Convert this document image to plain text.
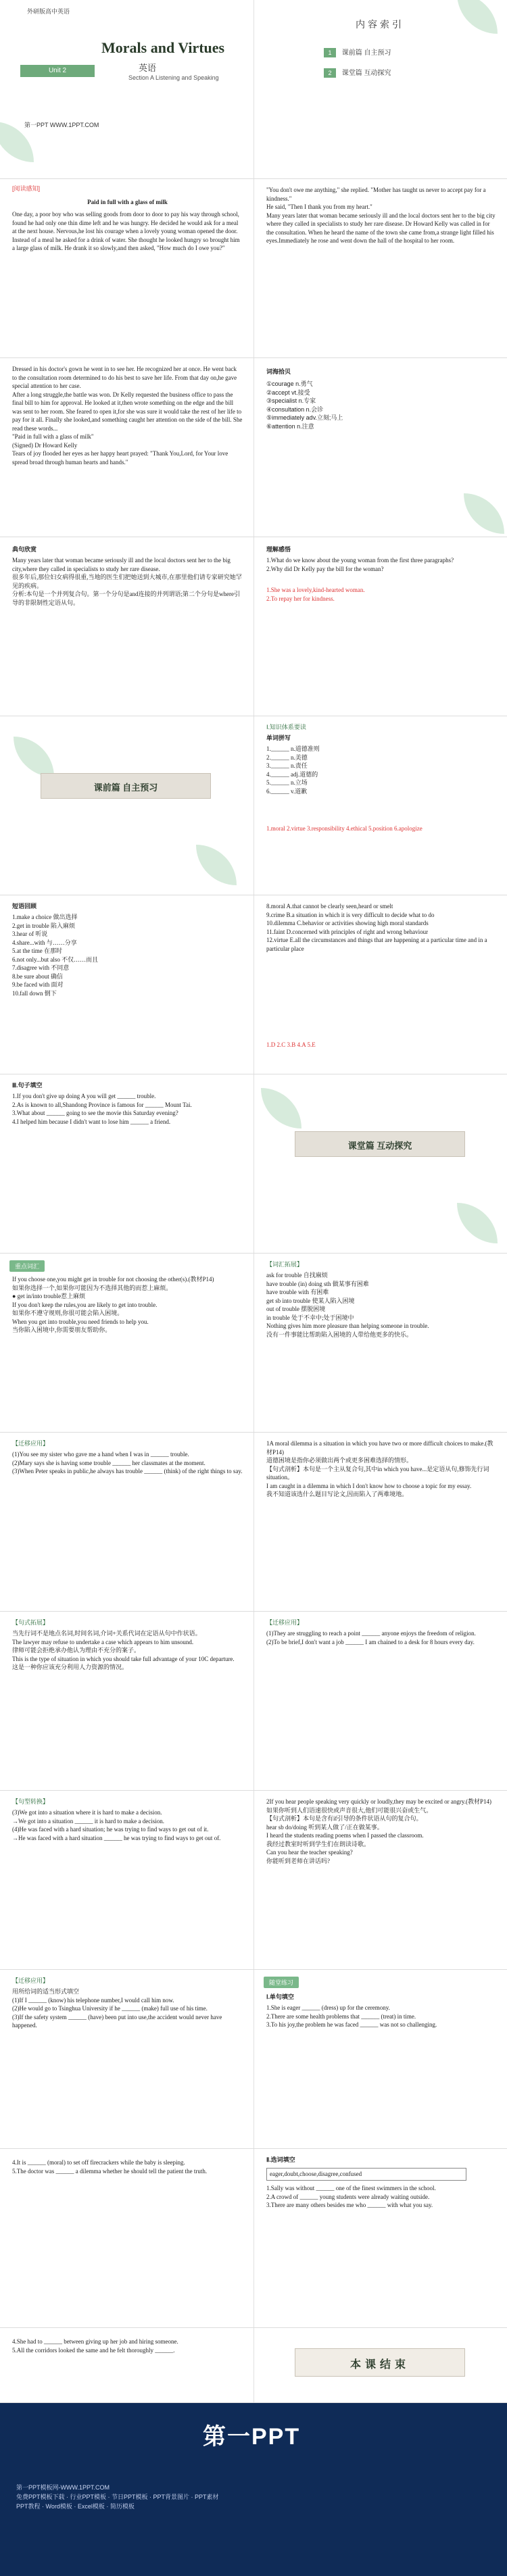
外研版高中英语
Morals and Virtues
Unit 2	英语
Section A Listening and Speaking
第一PPT WWW.1PPT.COM
内容索引
1 课前篇 自主预习
2 课堂篇 互动探究
[阅读感知]
Paid in full with a glass of milk
One day, a poor boy who was selling goods from door to door to pay his way through school, found he had only one thin dime left and he was hungry. He decided he would ask for a meal at the next house. Nervous,he lost his courage when a lovely young woman opened the door.
Instead of a meal he asked for a drink of water. She thought he looked hungry so brought him a large glass of milk. He drank it so slowly,and then asked, "How much do I owe you?"
"You don't owe me anything," she replied. "Mother has taught us never to accept pay for a kindness."
He said, "Then I thank you from my heart."
Many years later that woman became seriously ill and the local doctors sent her to the big city where they called in specialists to study her rare disease. Dr Howard Kelly was called in for the consultation. When he heard the name of the town she came from,a strange light filled his eyes.Immediately he rose and went down the hall of the hospital to her room.
Dressed in his doctor's gown he went in to see her. He recognized her at once. He went back to the consultation room determined to do his best to save her life. From that day on,he gave special attention to her case.
After a long struggle,the battle was won. Dr Kelly requested the business office to pass the final bill to him for approval. He looked at it,then wrote something on the edge and the bill was sent to her room. She feared to open it,for she was sure it would take the rest of her life to pay for it all. Finally she looked,and something caught her attention on the side of the bill. She read these words...
"Paid in full with a glass of milk"
(Signed) Dr Howard Kelly
Tears of joy flooded her eyes as her happy heart prayed: "Thank You,Lord, for Your love spread broad through human hearts and hands."
词海拾贝
①courage n.勇气
②accept vt.接受
③specialist n.专家
④consultation n.会诊
⑤immediately adv.立刻;马上
⑥attention n.注意
典句欣赏
Many years later that woman became seriously ill and the local doctors sent her to the big city,where they called in specialists to study her rare disease.
很多年后,那位妇女病得很重,当地的医生们把她送到大城市,在那里他们请专家研究她罕见的疾病。
分析:本句是一个并列复合句。第一个分句是and连接的并列谓语;第二个分句是where引导的非限制性定语从句。
理解感悟
1.What do we know about the young woman from the first three paragraphs?
2.Why did Dr Kelly pay the bill for the woman?
1.She was a lovely,kind-hearted woman.
2.To repay her for kindness.
课前篇 自主预习
Ⅰ.知识体系要读
单词拼写
1.______ n.道德准则
2.______ n.美德
3.______ n.责任
4.______ adj.道德的
5.______ n.立场
6.______ v.道歉
1.moral 2.virtue 3.responsibility 4.ethical 5.position 6.apologize
短语回顾
1.make a choice 做出选择
2.get in trouble 陷入麻烦
3.hear of 听说
4.share...with 与……分享
5.at the time 在那时
6.not only...but also 不仅……而且
7.disagree with 不同意
8.be sure about 确信
9.be faced with 面对
10.fall down 倒下
8.moral A.that cannot be clearly seen,heard or smelt
9.crime B.a situation in which it is very difficult to decide what to do
10.dilemma C.behavior or activities showing high moral standards
11.faint D.concerned with principles of right and wrong behaviour
12.virtue E.all the circumstances and things that are happening at a particular time and in a particular place
1.D 2.C 3.B 4.A 5.E
Ⅲ.句子填空
1.If you don't give up doing A you will get ______ trouble.
2.As is known to all,Shandong Province is famous for ______ Mount Tai.
3.What about ______ going to see the movie this Saturday evening?
4.I helped him because I didn't want to lose him ______ a friend.
课堂篇 互动探究
重点词汇
If you choose one,you might get in trouble for not choosing the other(s).(教材P14)
如果你选择一个,如果你可能因为不选择其他的而惹上麻烦。
● get in/into trouble惹上麻烦
If you don't keep the rules,you are likely to get into trouble.
如果你不遵守规则,你很可能会陷入困境。
When you get into trouble,you need friends to help you.
当你陷入困境中,你需要朋友帮助你。
【词汇拓展】
ask for trouble 自找麻烦
have trouble (in) doing sth 做某事有困难
have trouble with 有困难
get sb into trouble 使某人陷入困境
out of trouble 摆脱困境
in trouble 处于不幸中;处于困境中
Nothing gives him more pleasure than helping someone in trouble.
没有一件事能比帮助陷入困境的人带给他更多的快乐。
【迁移应用】
(1)You see my sister who gave me a hand when I was in ______ trouble.
(2)Mary says she is having some trouble ______ her classmates at the moment.
(3)When Peter speaks in public,he always has trouble ______ (think) of the right things to say.
1A moral dilemma is a situation in which you have two or more difficult choices to make.(教材P14)
道德困境是指你必须做出两个或更多困难选择的情形。
【句式剖析】本句是一个主从复合句,其中in which you have...是定语从句,修饰先行词situation。
I am caught in a dilemma in which I don't know how to choose a topic for my essay.
我不知道该选什么题目写论文,因而陷入了两难境地。
【句式拓展】
当先行词不是地点名词,时间名词,介词+关系代词在定语从句中作状语。
The lawyer may refuse to undertake a case which appears to him unsound.
律师可能会拒绝承办他认为理由不充分的案子。
This is the type of situation in which you should take full advantage of your 10C departure.
这是一种你应该充分利用人力资源的情况。
【迁移应用】
(1)They are struggling to reach a point ______ anyone enjoys the freedom of religion.
(2)To be brief,I don't want a job ______ I am chained to a desk for 8 hours every day.
【句型转换】
(3)We got into a situation where it is hard to make a decision.
→We got into a situation ______ it is hard to make a decision.
(4)He was faced with a hard situation; he was trying to find ways to get out of it.
→He was faced with a hard situation ______ he was trying to find ways to get out of.
2If you hear people speaking very quickly or loudly,they may be excited or angry.(教材P14)
如果你听到人们语速很快或声音很大,他们可能很兴奋或生气。
【句式剖析】本句是含有if引导的条件状语从句的复合句。
hear sb do/doing 听到某人做了/正在做某事。
I heard the students reading poems when I passed the classroom.
我经过教室时听到学生们在朗读诗歌。
Can you hear the teacher speaking?
你能听到老师在讲话吗?
【迁移应用】
用所给词的适当形式填空
(1)If I ______ (know) his telephone number,I would call him now.
(2)He would go to Tsinghua University if he ______ (make) full use of his time.
(3)If the safety system ______ (have) been put into use,the accident would never have happened.
随堂练习
Ⅰ.单句填空
1.She is eager ______ (dress) up for the ceremony.
2.There are some health problems that ______ (treat) in time.
3.To his joy,the problem he was faced ______ was not so challenging.
4.It is ______ (moral) to set off firecrackers while the baby is sleeping.
5.The doctor was ______ a dilemma whether he should tell the patient the truth.
Ⅱ.选词填空
eager,doubt,choose,disagree,confused
1.Sally was without ______ one of the finest swimmers in the school.
2.A crowd of ______ young students were already waiting outside.
3.There are many others besides me who ______ with what you say.
4.She had to ______ between giving up her job and hiring someone.
5.All the corridors looked the same and he felt thoroughly ______.
本课结束
第一PPT
第一PPT模板网-WWW.1PPT.COM
免费PPT模板下载 · 行业PPT模板 · 节日PPT模板 · PPT背景图片 · PPT素材
PPT教程 · Word模板 · Excel模板 · 简历模板
